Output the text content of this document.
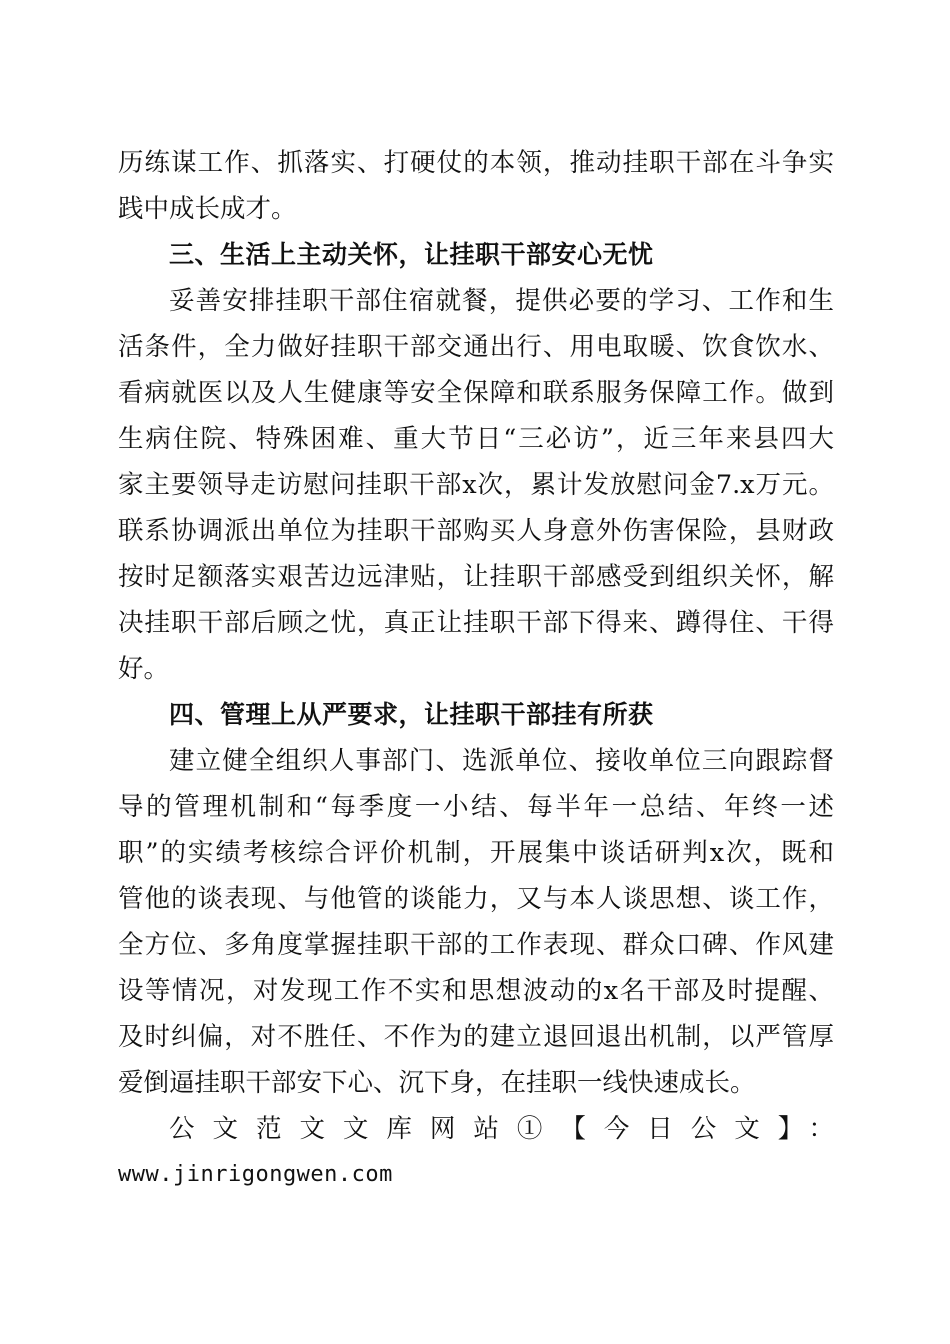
历练谋工作、抓落实、打硬仗的本领，推动挂职干部在斗争实
践中成长成才。
三、生活上主动关怀，让挂职干部安心无忧
妥善安排挂职干部住宿就餐，提供必要的学习、工作和生
活条件，全力做好挂职干部交通出行、用电取暖、饮食饮水、
看病就医以及人生健康等安全保障和联系服务保障工作。做到
生病住院、特殊困难、重大节日“三必访”，近三年来县四大
家主要领导走访慰问挂职干部x次，累计发放慰问金7.x万元。
联系协调派出单位为挂职干部购买人身意外伤害保险，县财政
按时足额落实艰苦边远津贴，让挂职干部感受到组织关怀，解
决挂职干部后顾之忧，真正让挂职干部下得来、蹲得住、干得
好。
四、管理上从严要求，让挂职干部挂有所获
建立健全组织人事部门、选派单位、接收单位三向跟踪督
导的管理机制和“每季度一小结、每半年一总结、年终一述
职”的实绩考核综合评价机制，开展集中谈话研判x次，既和
管他的谈表现、与他管的谈能力，又与本人谈思想、谈工作，
全方位、多角度掌握挂职干部的工作表现、群众口碑、作风建
设等情况，对发现工作不实和思想波动的x名干部及时提醒、
及时纠偏，对不胜任、不作为的建立退回退出机制，以严管厚
爱倒逼挂职干部安下心、沉下身，在挂职一线快速成长。
公文范文文库网站①【今日公文】：
www.jinrigongwen.com
